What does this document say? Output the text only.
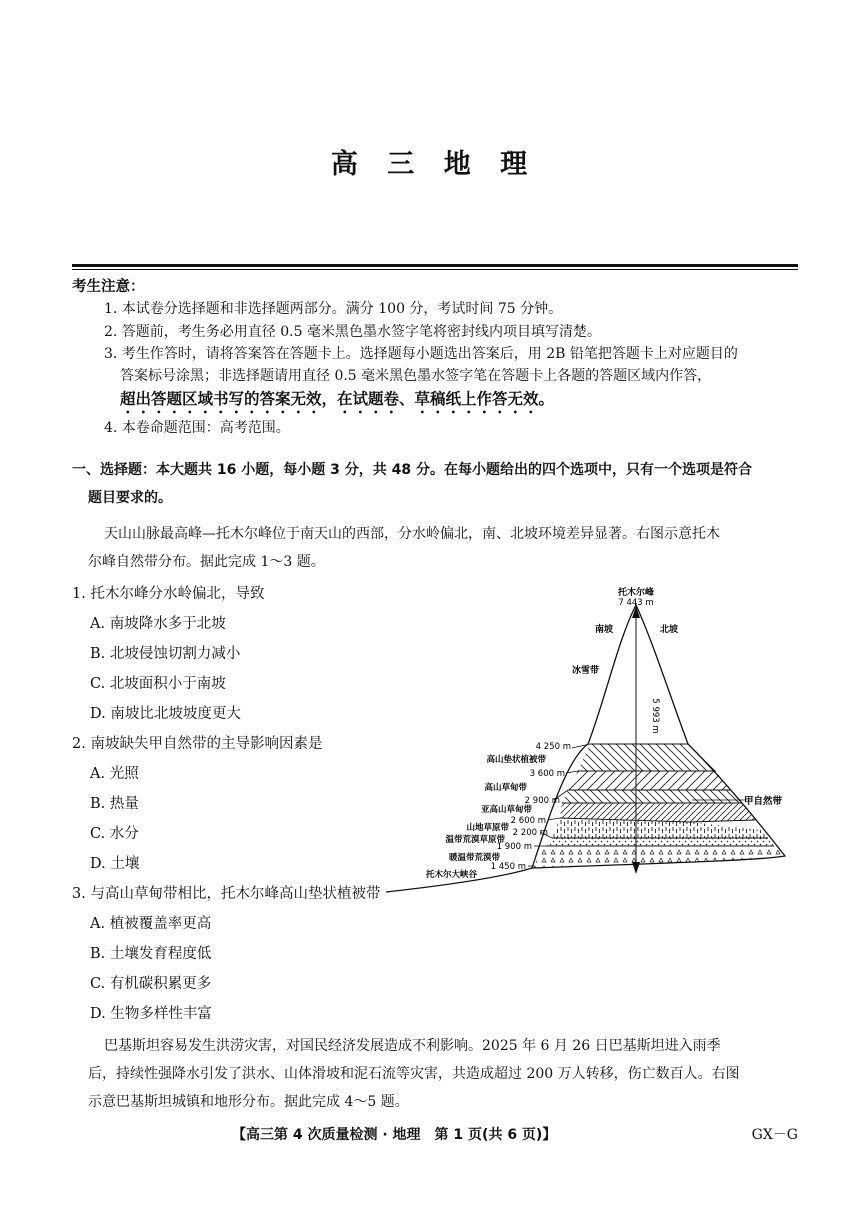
高 三 地 理
考生注意：
1. 本试卷分选择题和非选择题两部分。满分 100 分，考试时间 75 分钟。
2. 答题前，考生务必用直径 0.5 毫米黑色墨水签字笔将密封线内项目填写清楚。
3. 考生作答时，请将答案答在答题卡上。选择题每小题选出答案后，用 2B 铅笔把答题卡上对应题目的
答案标号涂黑；非选择题请用直径 0.5 毫米黑色墨水签字笔在答题卡上各题的答题区域内作答，
超出答题区域书写的答案无效，在试题卷、草稿纸上作答无效。
4. 本卷命题范围：高考范围。
一、选择题：本大题共 16 小题，每小题 3 分，共 48 分。在每小题给出的四个选项中，只有一个选项是符合
题目要求的。
天山山脉最高峰—托木尔峰位于南天山的西部，分水岭偏北，南、北坡环境差异显著。右图示意托木
尔峰自然带分布。据此完成 1～3 题。
1. 托木尔峰分水岭偏北，导致
A. 南坡降水多于北坡
B. 北坡侵蚀切割力减小
C. 北坡面积小于南坡
D. 南坡比北坡坡度更大
2. 南坡缺失甲自然带的主导影响因素是
A. 光照
B. 热量
C. 水分
D. 土壤
3. 与高山草甸带相比，托木尔峰高山垫状植被带
A. 植被覆盖率更高
B. 土壤发育程度低
C. 有机碳积累更多
D. 生物多样性丰富
托木尔峰
7 443 m
南坡	北坡
冰雪带
5 993 m
4 250 m
高山垫状植被带
3 600 m
高山草甸带
2 900 m
亚高山草甸带
2 600 m
山地草原带 2 200 m
温带荒漠草原带
1 900 m
暖温带荒漠带
1 450 m
托木尔大峡谷
甲自然带
巴基斯坦容易发生洪涝灾害，对国民经济发展造成不利影响。2025 年 6 月 26 日巴基斯坦进入雨季
后，持续性强降水引发了洪水、山体滑坡和泥石流等灾害，共造成超过 200 万人转移，伤亡数百人。右图
示意巴基斯坦城镇和地形分布。据此完成 4～5 题。
【高三第 4 次质量检测 · 地理　第 1 页(共 6 页)】	GX－G
